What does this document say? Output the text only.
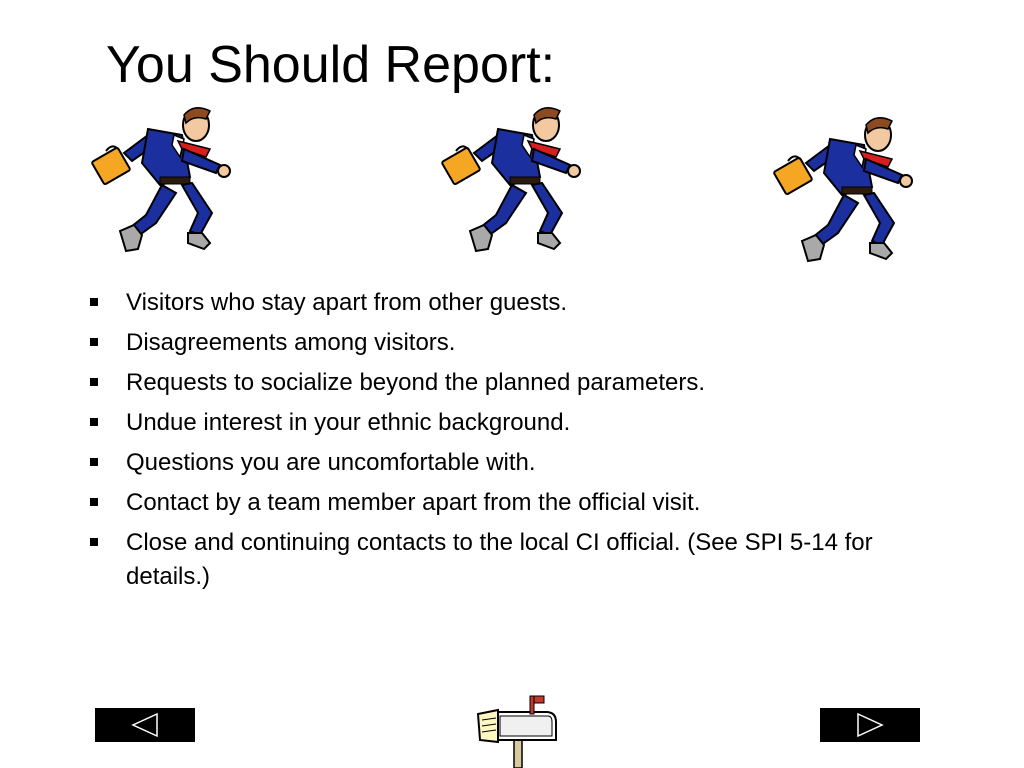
You Should Report:
Visitors who stay apart from other guests.
Disagreements among visitors.
Requests to socialize beyond the planned parameters.
Undue interest in your ethnic background.
Questions you are uncomfortable with.
Contact by a team member apart from the official visit.
Close and continuing contacts to the local CI official. (See SPI 5-14 for details.)
